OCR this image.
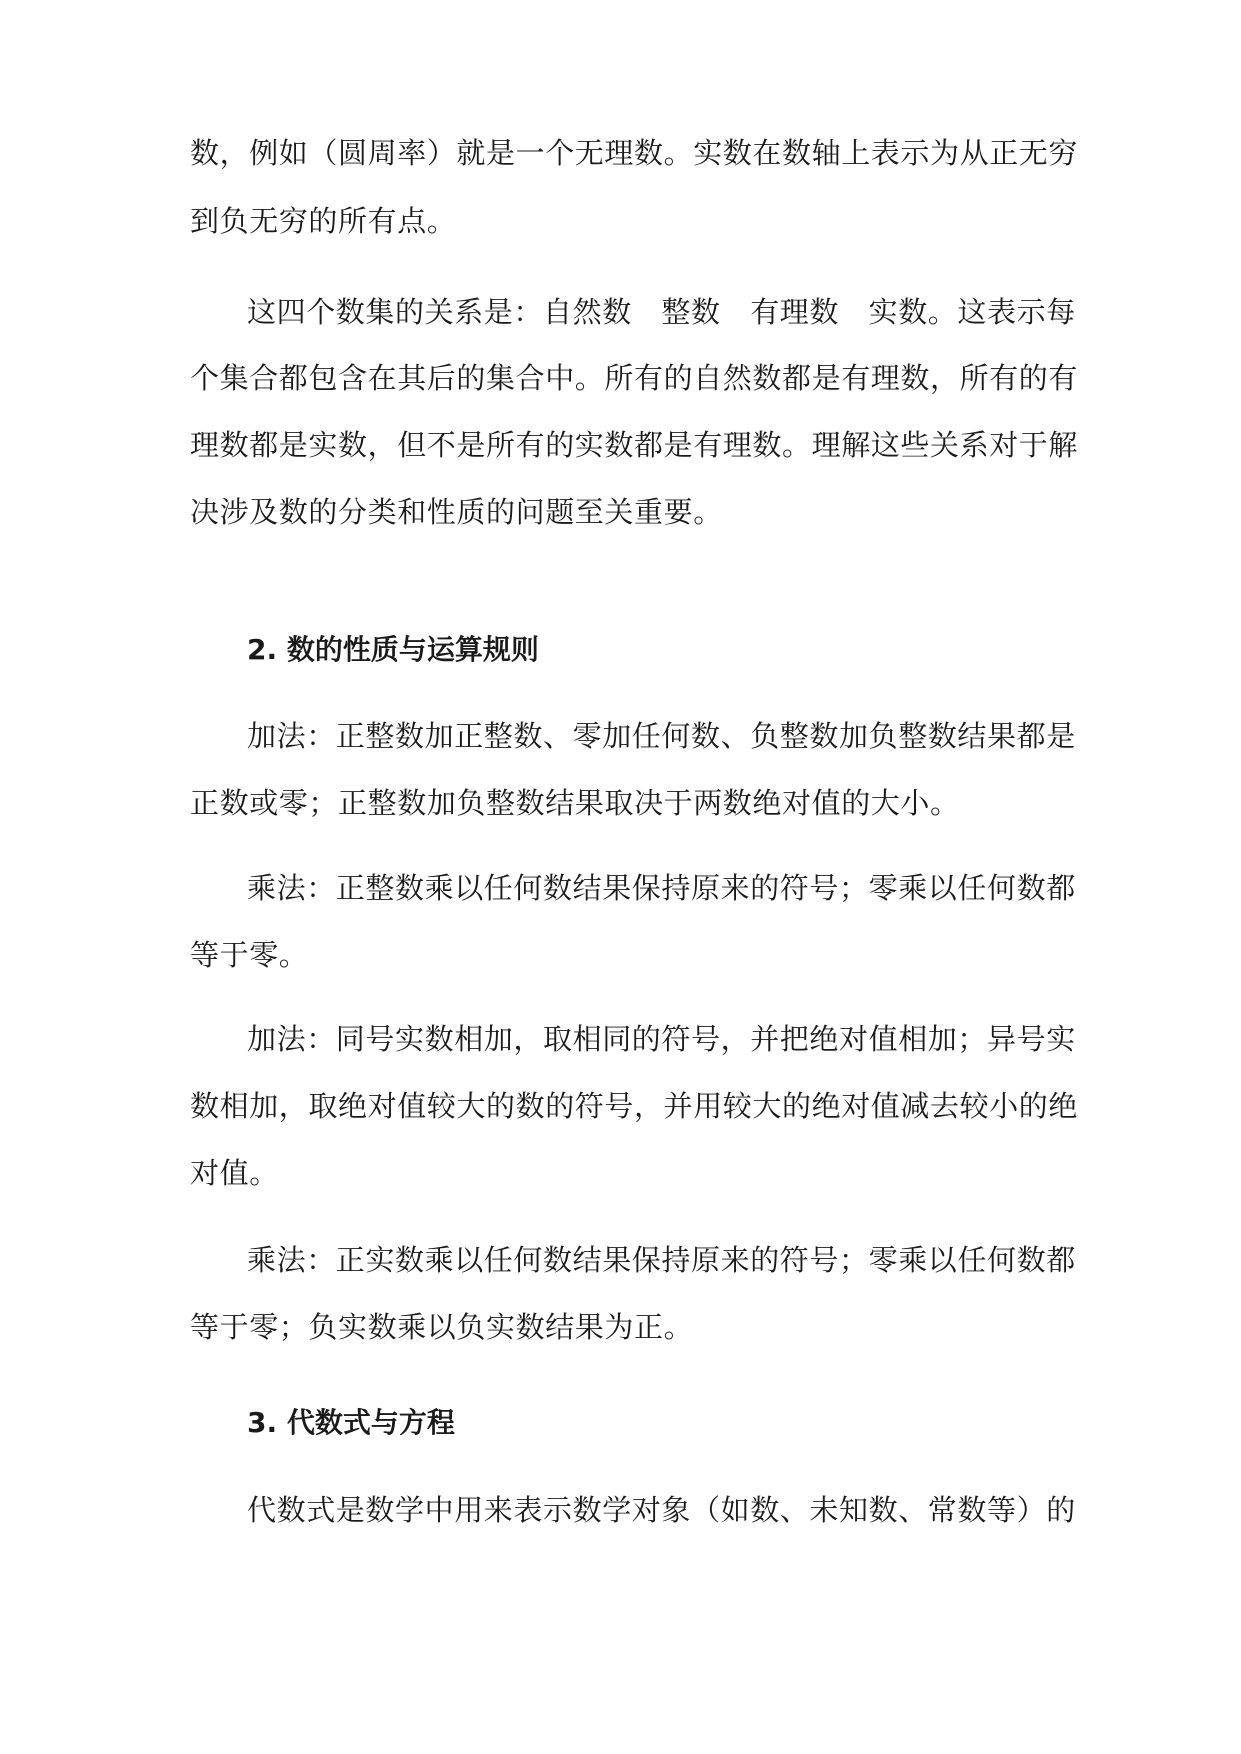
数，例如（圆周率）就是一个无理数。实数在数轴上表示为从正无穷
到负无穷的所有点。
这四个数集的关系是：自然数　整数　有理数　实数。这表示每
个集合都包含在其后的集合中。所有的自然数都是有理数，所有的有
理数都是实数，但不是所有的实数都是有理数。理解这些关系对于解
决涉及数的分类和性质的问题至关重要。
2. 数的性质与运算规则
加法：正整数加正整数、零加任何数、负整数加负整数结果都是
正数或零；正整数加负整数结果取决于两数绝对值的大小。
乘法：正整数乘以任何数结果保持原来的符号；零乘以任何数都
等于零。
加法：同号实数相加，取相同的符号，并把绝对值相加；异号实
数相加，取绝对值较大的数的符号，并用较大的绝对值减去较小的绝
对值。
乘法：正实数乘以任何数结果保持原来的符号；零乘以任何数都
等于零；负实数乘以负实数结果为正。
3. 代数式与方程
代数式是数学中用来表示数学对象（如数、未知数、常数等）的
